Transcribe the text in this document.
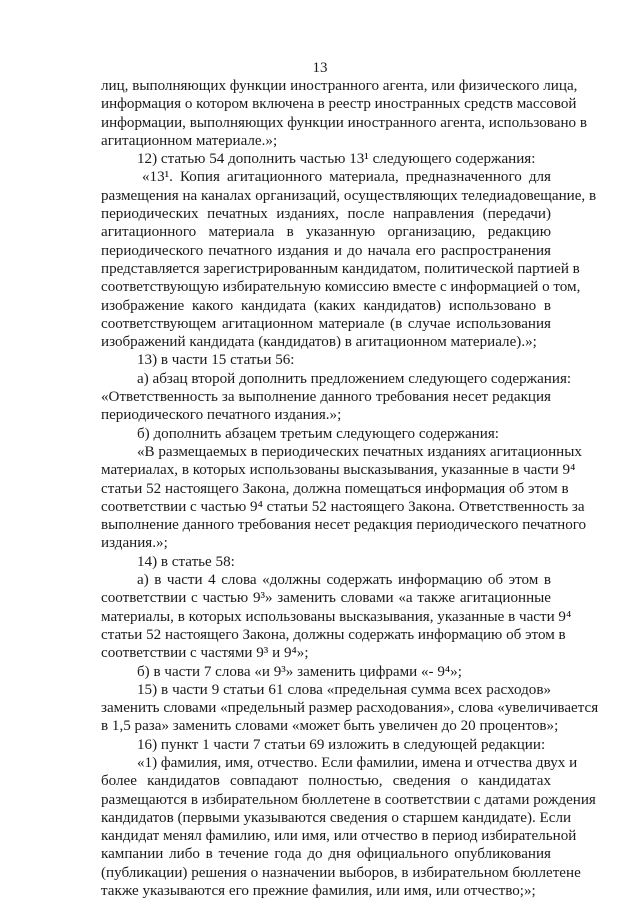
13
лиц, выполняющих функции иностранного агента, или физического лица,
информация о котором включена в реестр иностранных средств массовой
информации, выполняющих функции иностранного агента, использовано в
агитационном материале.»;
12) статью 54 дополнить частью 13¹ следующего содержания:
«13¹. Копия агитационного материала, предназначенного для
размещения на каналах организаций, осуществляющих теледиадовещание, в
периодических печатных изданиях, после направления (передачи)
агитационного материала в указанную организацию, редакцию
периодического печатного издания и до начала его распространения
представляется зарегистрированным кандидатом, политической партией в
соответствующую избирательную комиссию вместе с информацией о том,
изображение какого кандидата (каких кандидатов) использовано в
соответствующем агитационном материале (в случае использования
изображений кандидата (кандидатов) в агитационном материале).»;
13) в части 15 статьи 56:
а) абзац второй дополнить предложением следующего содержания:
«Ответственность за выполнение данного требования несет редакция
периодического печатного издания.»;
б) дополнить абзацем третьим следующего содержания:
«В размещаемых в периодических печатных изданиях агитационных
материалах, в которых использованы высказывания, указанные в части 9⁴
статьи 52 настоящего Закона, должна помещаться информация об этом в
соответствии с частью 9⁴ статьи 52 настоящего Закона. Ответственность за
выполнение данного требования несет редакция периодического печатного
издания.»;
14) в статье 58:
а) в части 4 слова «должны содержать информацию об этом в
соответствии с частью 9³» заменить словами «а также агитационные
материалы, в которых использованы высказывания, указанные в части 9⁴
статьи 52 настоящего Закона, должны содержать информацию об этом в
соответствии с частями 9³ и 9⁴»;
б) в части 7 слова «и 9³» заменить цифрами «- 9⁴»;
15) в части 9 статьи 61 слова «предельная сумма всех расходов»
заменить словами «предельный размер расходования», слова «увеличивается
в 1,5 раза» заменить словами «может быть увеличен до 20 процентов»;
16) пункт 1 части 7 статьи 69 изложить в следующей редакции:
«1) фамилия, имя, отчество. Если фамилии, имена и отчества двух и
более кандидатов совпадают полностью, сведения о кандидатах
размещаются в избирательном бюллетене в соответствии с датами рождения
кандидатов (первыми указываются сведения о старшем кандидате). Если
кандидат менял фамилию, или имя, или отчество в период избирательной
кампании либо в течение года до дня официального опубликования
(публикации) решения о назначении выборов, в избирательном бюллетене
также указываются его прежние фамилия, или имя, или отчество;»;
